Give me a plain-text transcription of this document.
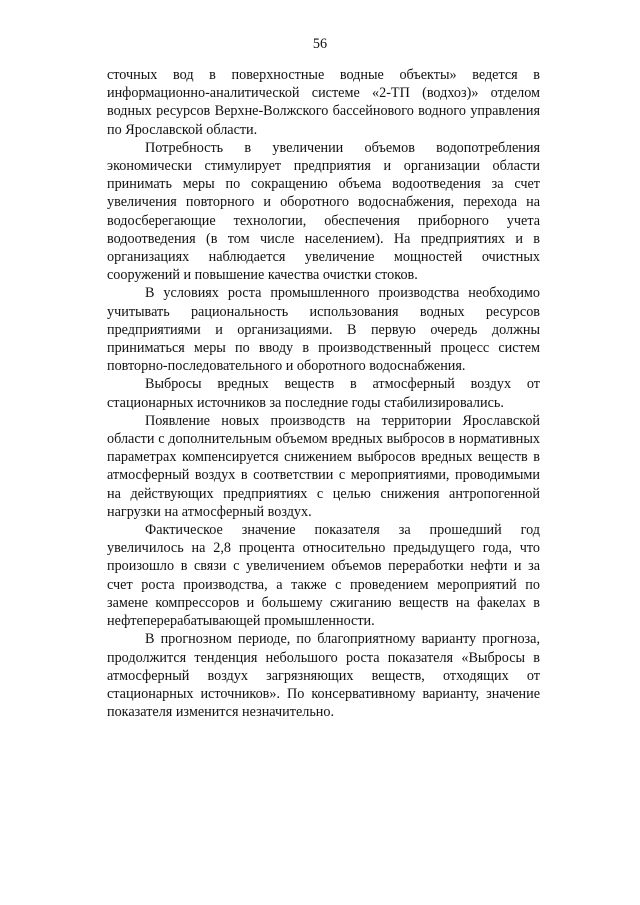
56

сточных вод в поверхностные водные объекты» ведется в информационно-аналитической системе «2-ТП (водхоз)» отделом водных ресурсов Верхне-Волжского бассейнового водного управления по Ярославской области.

Потребность в увеличении объемов водопотребления экономически стимулирует предприятия и организации области принимать меры по сокращению объема водоотведения за счет увеличения повторного и оборотного водоснабжения, перехода на водосберегающие технологии, обеспечения приборного учета водоотведения (в том числе населением). На предприятиях и в организациях наблюдается увеличение мощностей очистных сооружений и повышение качества очистки стоков.

В условиях роста промышленного производства необходимо учитывать рациональность использования водных ресурсов предприятиями и организациями. В первую очередь должны приниматься меры по вводу в производственный процесс систем повторно-последовательного и оборотного водоснабжения.

Выбросы вредных веществ в атмосферный воздух от стационарных источников за последние годы стабилизировались.

Появление новых производств на территории Ярославской области с дополнительным объемом вредных выбросов в нормативных параметрах компенсируется снижением выбросов вредных веществ в атмосферный воздух в соответствии с мероприятиями, проводимыми на действующих предприятиях с целью снижения антропогенной нагрузки на атмосферный воздух.

Фактическое значение показателя за прошедший год увеличилось на 2,8 процента относительно предыдущего года, что произошло в связи с увеличением объемов переработки нефти и за счет роста производства, а также с проведением мероприятий по замене компрессоров и большему сжиганию веществ на факелах в нефтеперерабатывающей промышленности.

В прогнозном периоде, по благоприятному варианту прогноза, продолжится тенденция небольшого роста показателя «Выбросы в атмосферный воздух загрязняющих веществ, отходящих от стационарных источников». По консервативному варианту, значение показателя изменится незначительно.
